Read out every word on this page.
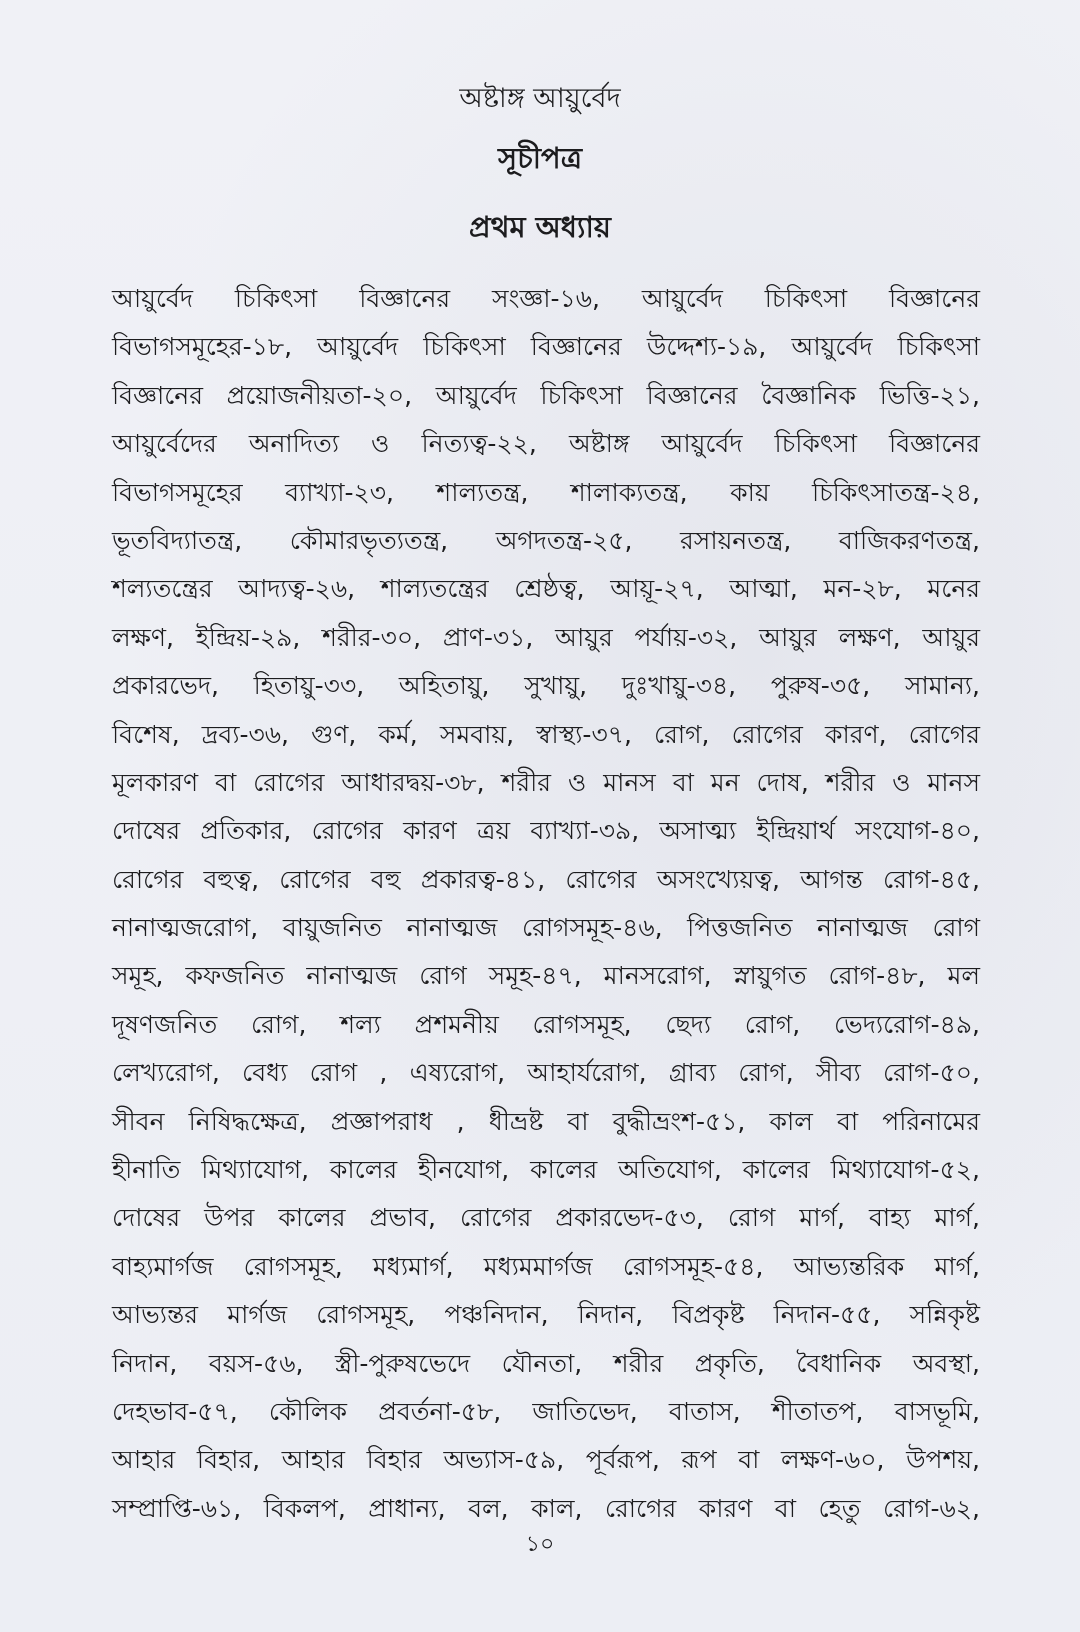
অষ্টাঙ্গ আয়ুর্বেদ
সূচীপত্র
প্রথম অধ্যায়
আয়ুর্বেদ চিকিৎসা বিজ্ঞানের সংজ্ঞা-১৬, আয়ুর্বেদ চিকিৎসা বিজ্ঞানের
বিভাগসমূহের-১৮, আয়ুর্বেদ চিকিৎসা বিজ্ঞানের উদ্দেশ্য-১৯, আয়ুর্বেদ চিকিৎসা
বিজ্ঞানের প্রয়োজনীয়তা-২০, আয়ুর্বেদ চিকিৎসা বিজ্ঞানের বৈজ্ঞানিক ভিত্তি-২১,
আয়ুর্বেদের অনাদিত্য ও নিত্যত্ব-২২, অষ্টাঙ্গ আয়ুর্বেদ চিকিৎসা বিজ্ঞানের
বিভাগসমূহের ব্যাখ্যা-২৩, শাল্যতন্ত্র, শালাক্যতন্ত্র, কায় চিকিৎসাতন্ত্র-২৪,
ভূতবিদ্যাতন্ত্র, কৌমারভৃত্যতন্ত্র, অগদতন্ত্র-২৫, রসায়নতন্ত্র, বাজিকরণতন্ত্র,
শল্যতন্ত্রের আদ্যত্ব-২৬, শাল্যতন্ত্রের শ্রেষ্ঠত্ব, আয়ূ-২৭, আত্মা, মন-২৮, মনের
লক্ষণ, ইন্দ্রিয়-২৯, শরীর-৩০, প্রাণ-৩১, আয়ুর পর্যায়-৩২, আয়ুর লক্ষণ, আয়ুর
প্রকারভেদ, হিতায়ু-৩৩, অহিতায়ু, সুখায়ু, দুঃখায়ু-৩৪, পুরুষ-৩৫, সামান্য,
বিশেষ, দ্রব্য-৩৬, গুণ, কর্ম, সমবায়, স্বাস্থ্য-৩৭, রোগ, রোগের কারণ, রোগের
মূলকারণ বা রোগের আধারদ্বয়-৩৮, শরীর ও মানস বা মন দোষ, শরীর ও মানস
দোষের প্রতিকার, রোগের কারণ ত্রয় ব্যাখ্যা-৩৯, অসাত্ম্য ইন্দ্রিয়ার্থ সংযোগ-৪০,
রোগের বহুত্ব, রোগের বহু প্রকারত্ব-৪১, রোগের অসংখ্যেয়ত্ব, আগন্ত রোগ-৪৫,
নানাত্মজরোগ, বায়ুজনিত নানাত্মজ রোগসমূহ-৪৬, পিত্তজনিত নানাত্মজ রোগ
সমূহ, কফজনিত নানাত্মজ রোগ সমূহ-৪৭, মানসরোগ, স্নায়ুগত রোগ-৪৮, মল
দূষণজনিত রোগ, শল্য প্রশমনীয় রোগসমূহ, ছেদ্য রোগ, ভেদ্যরোগ-৪৯,
লেখ্যরোগ, বেধ্য রোগ , এষ্যরোগ, আহার্যরোগ, গ্রাব্য রোগ, সীব্য রোগ-৫০,
সীবন নিষিদ্ধক্ষেত্র, প্রজ্ঞাপরাধ , ধীভ্রষ্ট বা বুদ্ধীভ্রংশ-৫১, কাল বা পরিনামের
হীনাতি মিথ্যাযোগ, কালের হীনযোগ, কালের অতিযোগ, কালের মিথ্যাযোগ-৫২,
দোষের উপর কালের প্রভাব, রোগের প্রকারভেদ-৫৩, রোগ মার্গ, বাহ্য মার্গ,
বাহ্যমার্গজ রোগসমূহ, মধ্যমার্গ, মধ্যমমার্গজ রোগসমূহ-৫৪, আভ্যন্তরিক মার্গ,
আভ্যন্তর মার্গজ রোগসমূহ, পঞ্চনিদান, নিদান, বিপ্রকৃষ্ট নিদান-৫৫, সন্নিকৃষ্ট
নিদান, বয়স-৫৬, স্ত্রী-পুরুষভেদে যৌনতা, শরীর প্রকৃতি, বৈধানিক অবস্থা,
দেহভাব-৫৭, কৌলিক প্রবর্তনা-৫৮, জাতিভেদ, বাতাস, শীতাতপ, বাসভূমি,
আহার বিহার, আহার বিহার অভ্যাস-৫৯, পূর্বরূপ, রূপ বা লক্ষণ-৬০, উপশয়,
সম্প্রাপ্তি-৬১, বিকলপ, প্রাধান্য, বল, কাল, রোগের কারণ বা হেতু রোগ-৬২,
১০
